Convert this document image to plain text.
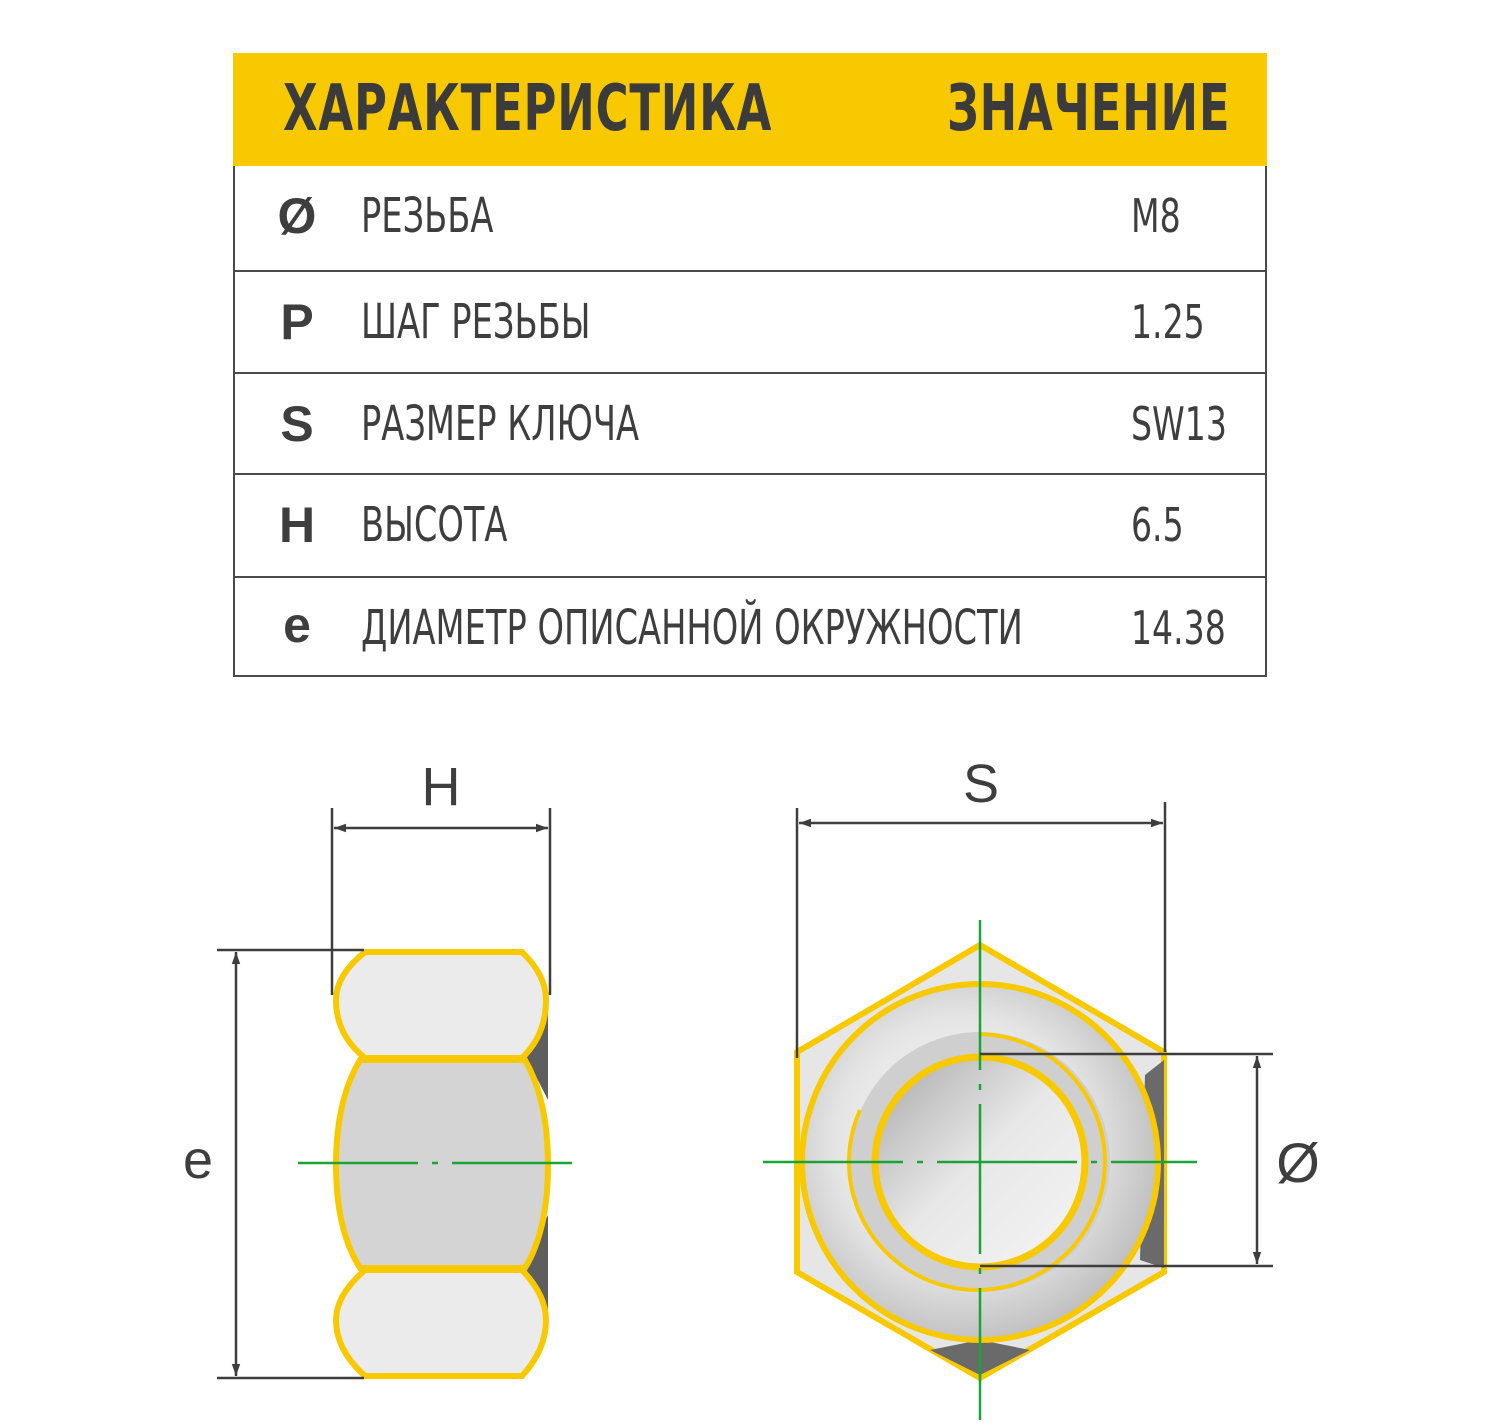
ХАРАКТЕРИСТИКА	ЗНАЧЕНИЕ
Ø РЕЗЬБА	M8
P ШАГ РЕЗЬБЫ	1.25
S РАЗМЕР КЛЮЧА	SW13
H ВЫСОТА	6.5
e ДИАМЕТР ОПИСАННОЙ ОКРУЖНОСТИ 14.38
H
e
S
Ø
